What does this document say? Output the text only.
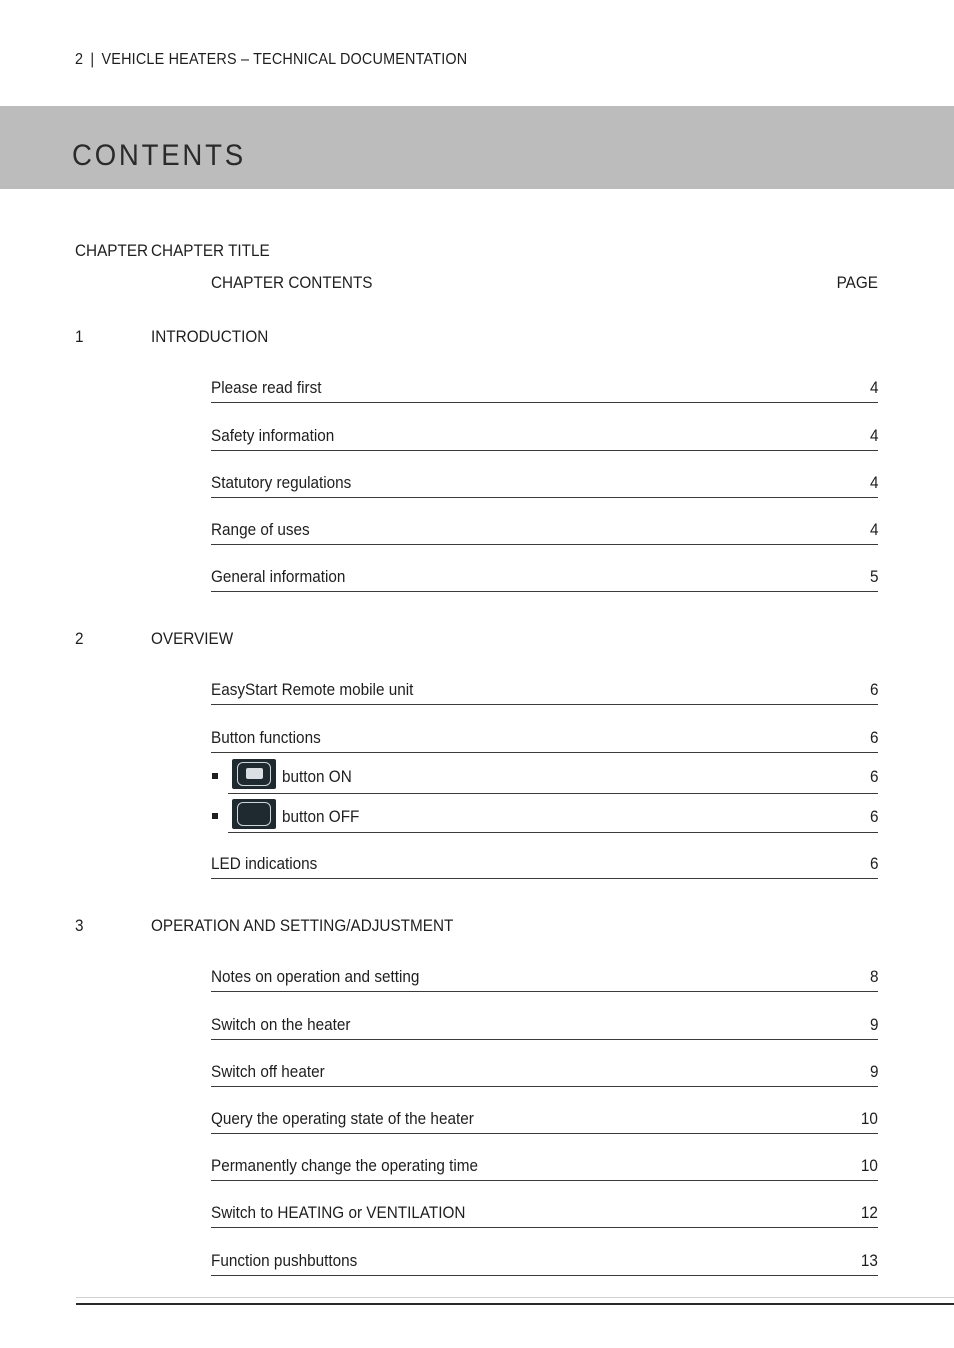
2 | VEHICLE HEATERS – TECHNICAL DOCUMENTATION
CONTENTS
CHAPTER CHAPTER TITLE
CHAPTER CONTENTS	PAGE
1	INTRODUCTION
Please read first	4
Safety information	4
Statutory regulations	4
Range of uses	4
General information	5
2	OVERVIEW
EasyStart Remote mobile unit	6
Button functions	6
button ON	6
button OFF	6
LED indications	6
3	OPERATION AND SETTING/ADJUSTMENT
Notes on operation and setting	8
Switch on the heater	9
Switch off heater	9
Query the operating state of the heater	10
Permanently change the operating time	10
Switch to HEATING or VENTILATION	12
Function pushbuttons	13
